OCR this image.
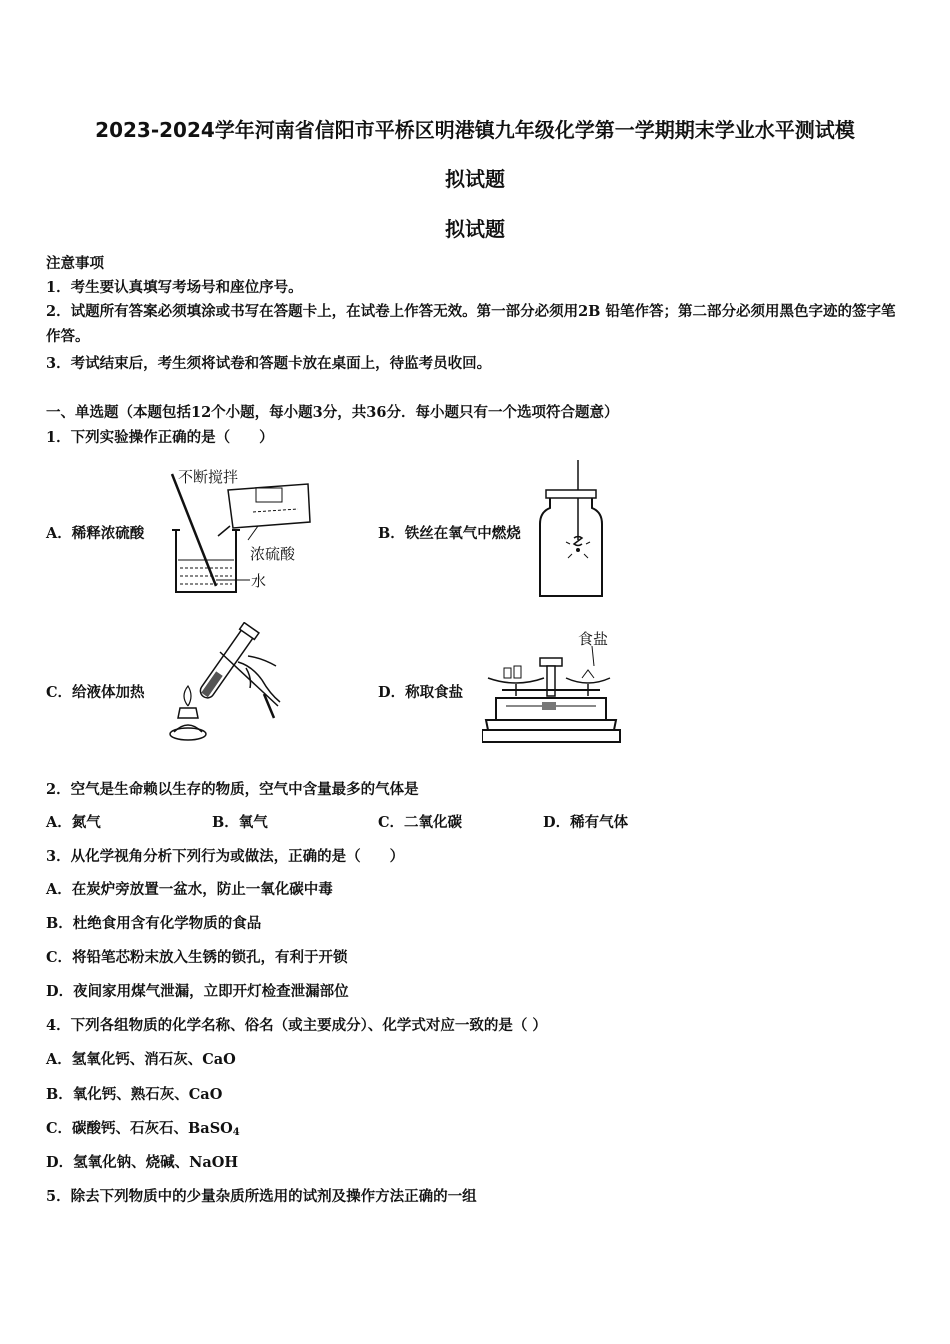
2023-2024学年河南省信阳市平桥区明港镇九年级化学第一学期期末学业水平测试模
拟试题
拟试题
注意事项
1．考生要认真填写考场号和座位序号。
2．试题所有答案必须填涂或书写在答题卡上，在试卷上作答无效。第一部分必须用2B 铅笔作答；第二部分必须用黑色字迹的签字笔作答。
3．考试结束后，考生须将试卷和答题卡放在桌面上，待监考员收回。
一、单选题（本题包括12个小题，每小题3分，共36分．每小题只有一个选项符合题意）
1．下列实验操作正确的是（　　）
A．稀释浓硫酸	B．铁丝在氧气中燃烧
C．给液体加热	D．称取食盐
不断搅拌
浓硫酸
水
食盐
2．空气是生命赖以生存的物质，空气中含量最多的气体是
A．氮气	B．氧气	C．二氧化碳	D．稀有气体
3．从化学视角分析下列行为或做法，正确的是（　　）
A．在炭炉旁放置一盆水，防止一氧化碳中毒
B．杜绝食用含有化学物质的食品
C．将铅笔芯粉末放入生锈的锁孔，有利于开锁
D．夜间家用煤气泄漏，立即开灯检查泄漏部位
4．下列各组物质的化学名称、俗名（或主要成分）、化学式对应一致的是（ ）
A．氢氧化钙、消石灰、CaO
B．氧化钙、熟石灰、CaO
C．碳酸钙、石灰石、BaSO$_4$
D．氢氧化钠、烧碱、NaOH
5．除去下列物质中的少量杂质所选用的试剂及操作方法正确的一组
